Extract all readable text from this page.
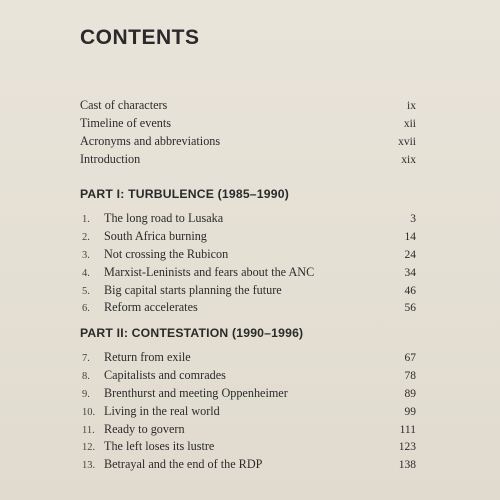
CONTENTS
Cast of characters	ix
Timeline of events	xii
Acronyms and abbreviations	xvii
Introduction	xix
PART I: TURBULENCE (1985–1990)
1.	The long road to Lusaka	3
2.	South Africa burning	14
3.	Not crossing the Rubicon	24
4.	Marxist-Leninists and fears about the ANC	34
5.	Big capital starts planning the future	46
6.	Reform accelerates	56
PART II: CONTESTATION (1990–1996)
7.	Return from exile	67
8.	Capitalists and comrades	78
9.	Brenthurst and meeting Oppenheimer	89
10. Living in the real world	99
11. Ready to govern	111
12. The left loses its lustre	123
13. Betrayal and the end of the RDP	138
